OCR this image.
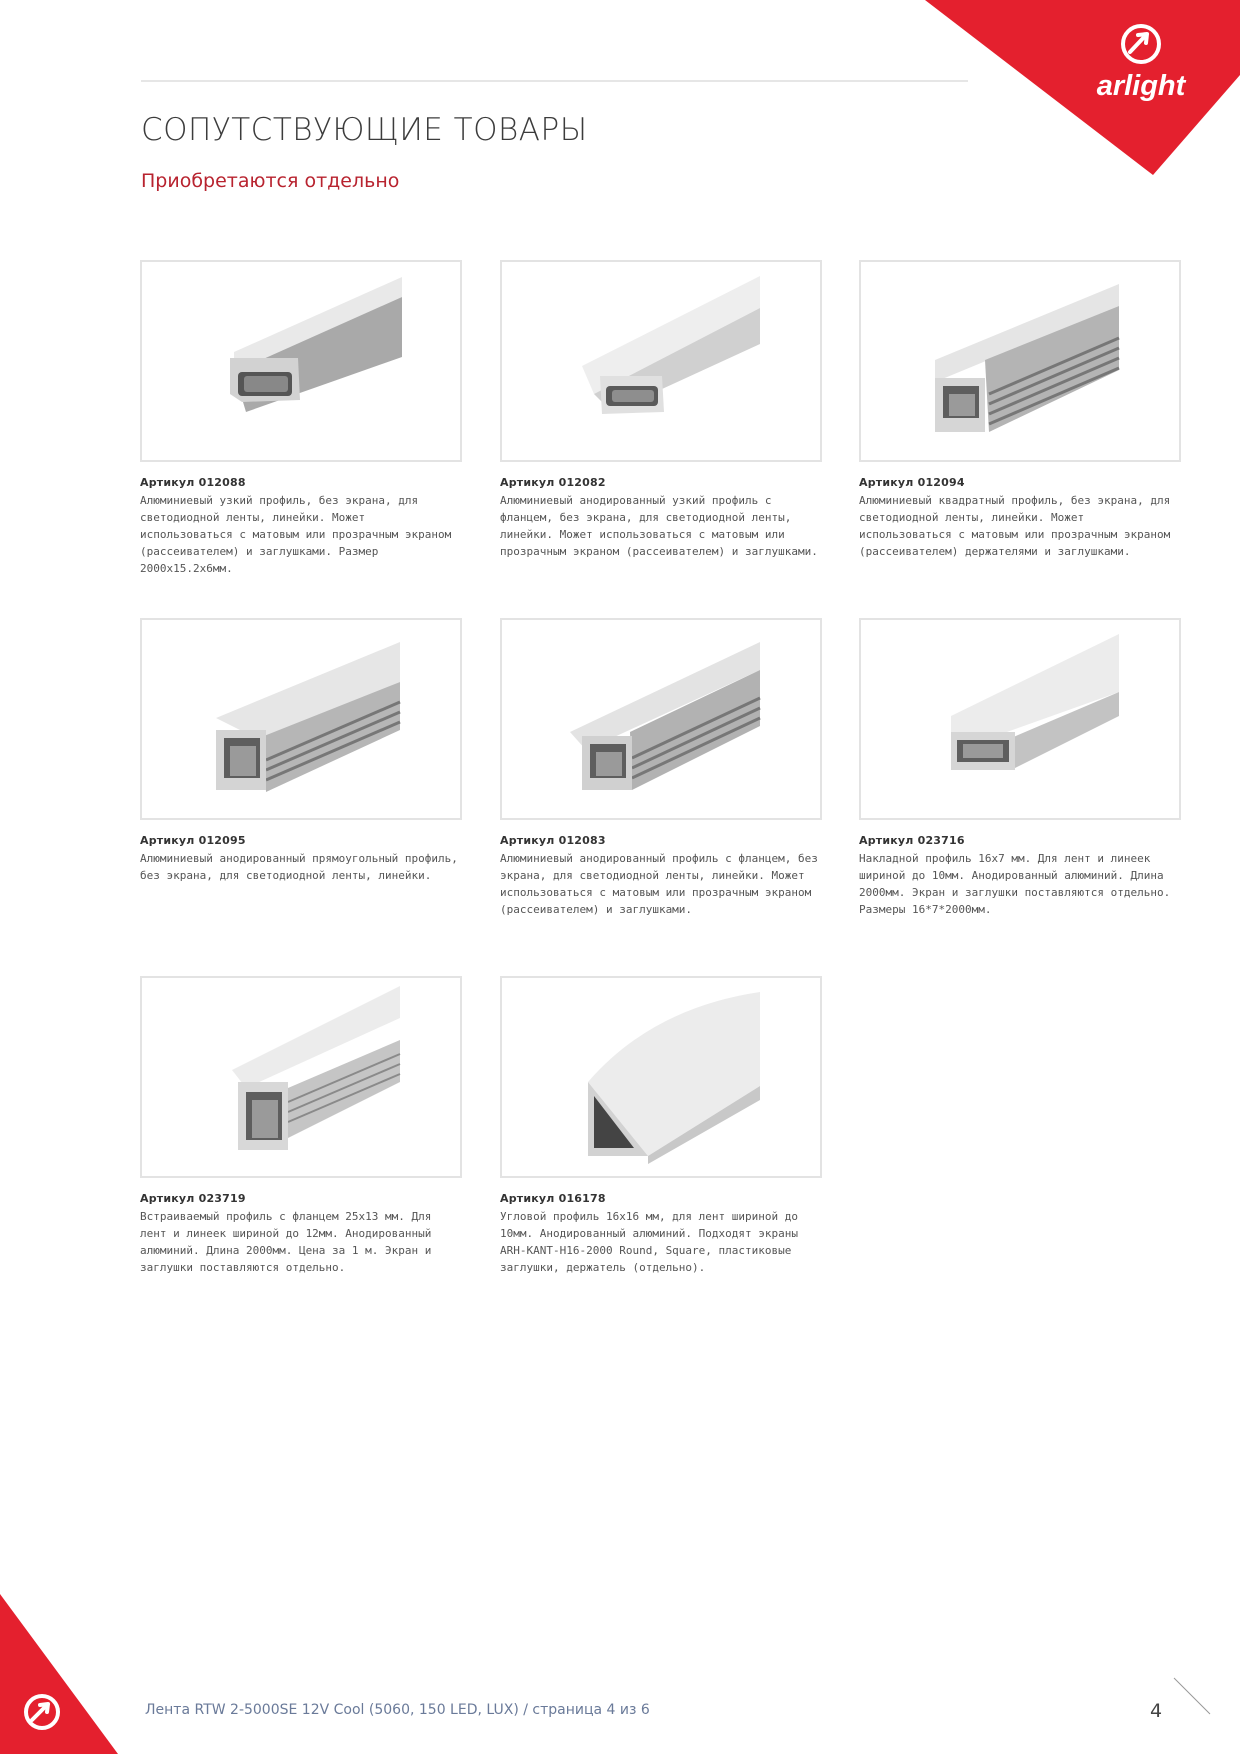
arlight
СОПУТСТВУЮЩИЕ ТОВАРЫ

Приобретаются отдельно

Артикул 012088
Алюминиевый узкий профиль, без экрана, для светодиодной ленты, линейки. Может использоваться с матовым или прозрачным экраном (рассеивателем) и заглушками. Размер 2000x15.2x6мм.
Артикул 012082
Алюминиевый анодированный узкий профиль с фланцем, без экрана, для светодиодной ленты, линейки. Может использоваться с матовым или прозрачным экраном (рассеивателем) и заглушками.
Артикул 012094
Алюминиевый квадратный профиль, без экрана, для светодиодной ленты, линейки. Может использоваться с матовым или прозрачным экраном (рассеивателем) держателями и заглушками.
Артикул 012095
Алюминиевый анодированный прямоугольный профиль, без экрана, для светодиодной ленты, линейки.
Артикул 012083
Алюминиевый анодированный профиль с фланцем, без экрана, для светодиодной ленты, линейки. Может использоваться с матовым или прозрачным экраном (рассеивателем) и заглушками.
Артикул 023716
Накладной профиль 16x7 мм. Для лент и линеек шириной до 10мм. Анодированный алюминий. Длина 2000мм. Экран и заглушки поставляются отдельно. Размеры 16*7*2000мм.
Артикул 023719
Встраиваемый профиль с фланцем 25x13 мм. Для лент и линеек шириной до 12мм. Анодированный алюминий. Длина 2000мм. Цена за 1 м. Экран и заглушки поставляются отдельно.
Артикул 016178
Угловой профиль 16x16 мм, для лент шириной до 10мм. Анодированный алюминий. Подходят экраны ARH-KANT-H16-2000 Round, Square, пластиковые заглушки, держатель (отдельно).
Лента RTW 2-5000SE 12V Cool (5060, 150 LED, LUX) / страница 4 из 6	4
